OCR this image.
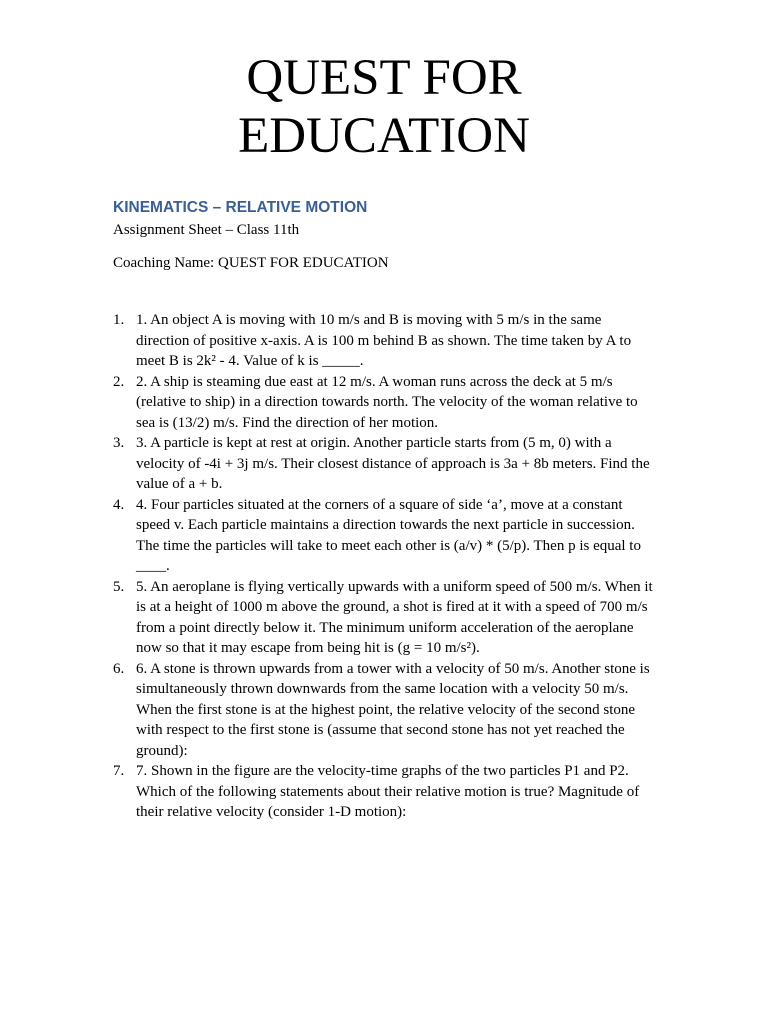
QUEST FOR
EDUCATION
KINEMATICS – RELATIVE MOTION

Assignment Sheet – Class 11th

Coaching Name: QUEST FOR EDUCATION

1. 1. An object A is moving with 10 m/s and B is moving with 5 m/s in the same direction of positive x-axis. A is 100 m behind B as shown. The time taken by A to meet B is 2k² - 4. Value of k is _____.
2. 2. A ship is steaming due east at 12 m/s. A woman runs across the deck at 5 m/s (relative to ship) in a direction towards north. The velocity of the woman relative to sea is (13/2) m/s. Find the direction of her motion.
3. 3. A particle is kept at rest at origin. Another particle starts from (5 m, 0) with a velocity of -4i + 3j m/s. Their closest distance of approach is 3a + 8b meters. Find the value of a + b.
4. 4. Four particles situated at the corners of a square of side ‘a’, move at a constant speed v. Each particle maintains a direction towards the next particle in succession. The time the particles will take to meet each other is (a/v) * (5/p). Then p is equal to ____.
5. 5. An aeroplane is flying vertically upwards with a uniform speed of 500 m/s. When it is at a height of 1000 m above the ground, a shot is fired at it with a speed of 700 m/s from a point directly below it. The minimum uniform acceleration of the aeroplane now so that it may escape from being hit is (g = 10 m/s²).
6. 6. A stone is thrown upwards from a tower with a velocity of 50 m/s. Another stone is simultaneously thrown downwards from the same location with a velocity 50 m/s. When the first stone is at the highest point, the relative velocity of the second stone with respect to the first stone is (assume that second stone has not yet reached the ground):
7. 7. Shown in the figure are the velocity-time graphs of the two particles P1 and P2. Which of the following statements about their relative motion is true? Magnitude of their relative velocity (consider 1-D motion):
